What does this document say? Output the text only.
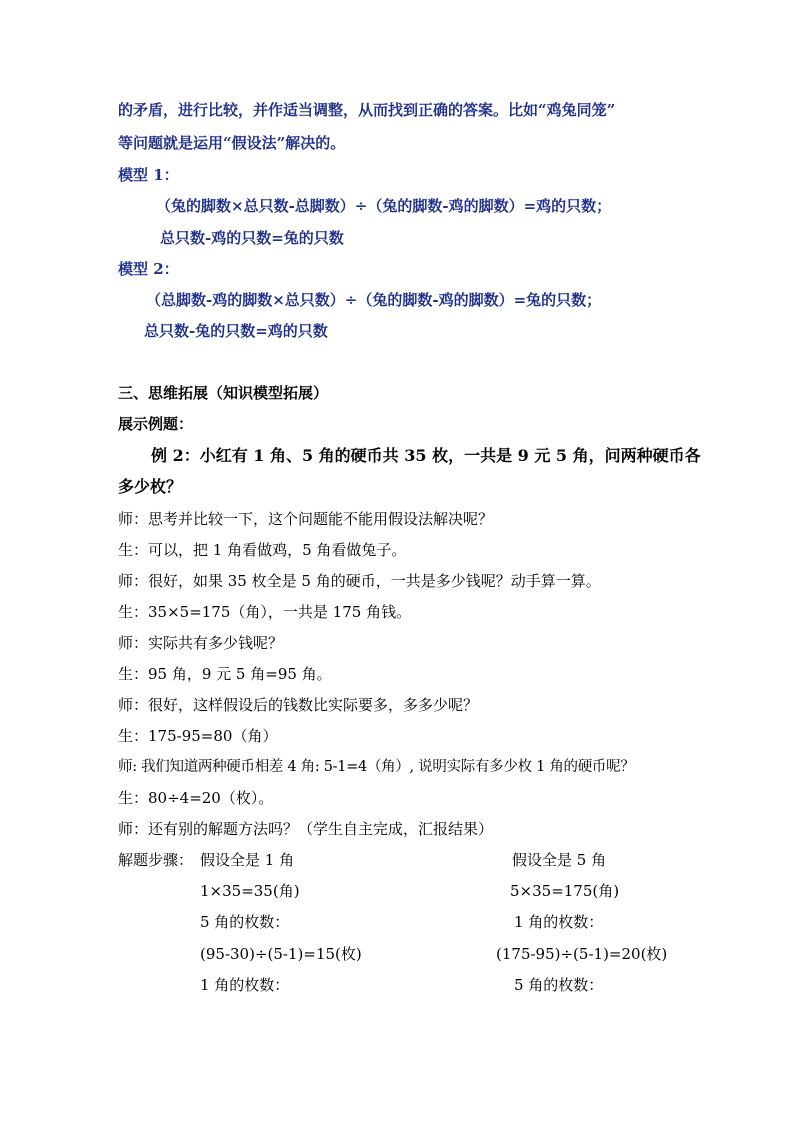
的矛盾，进行比较，并作适当调整，从而找到正确的答案。比如“鸡兔同笼”
等问题就是运用“假设法”解决的。
模型 1：
（兔的脚数×总只数-总脚数）÷（兔的脚数-鸡的脚数）=鸡的只数；
总只数-鸡的只数=兔的只数
模型 2：
（总脚数-鸡的脚数×总只数）÷（兔的脚数-鸡的脚数）=兔的只数；
总只数-兔的只数=鸡的只数
三、思维拓展（知识模型拓展）
展示例题：
例 2：小红有 1 角、5 角的硬币共 35 枚，一共是 9 元 5 角，问两种硬币各
多少枚？
师：思考并比较一下，这个问题能不能用假设法解决呢？
生：可以，把 1 角看做鸡，5 角看做兔子。
师：很好，如果 35 枚全是 5 角的硬币，一共是多少钱呢？动手算一算。
生：35×5=175（角），一共是 175 角钱。
师：实际共有多少钱呢？
生：95 角，9 元 5 角=95 角。
师：很好，这样假设后的钱数比实际要多，多多少呢？
生：175-95=80（角）
师: 我们知道两种硬币相差 4 角: 5-1=4（角）, 说明实际有多少枚 1 角的硬币呢？
生：80÷4=20（枚）。
师：还有别的解题方法吗？（学生自主完成，汇报结果）
解题步骤： 假设全是 1 角
1×35=35(角)
5 角的枚数：
(95-30)÷(5-1)=15(枚)
1 角的枚数：
假设全是 5 角
5×35=175(角)
1 角的枚数：
(175-95)÷(5-1)=20(枚)
5 角的枚数：
